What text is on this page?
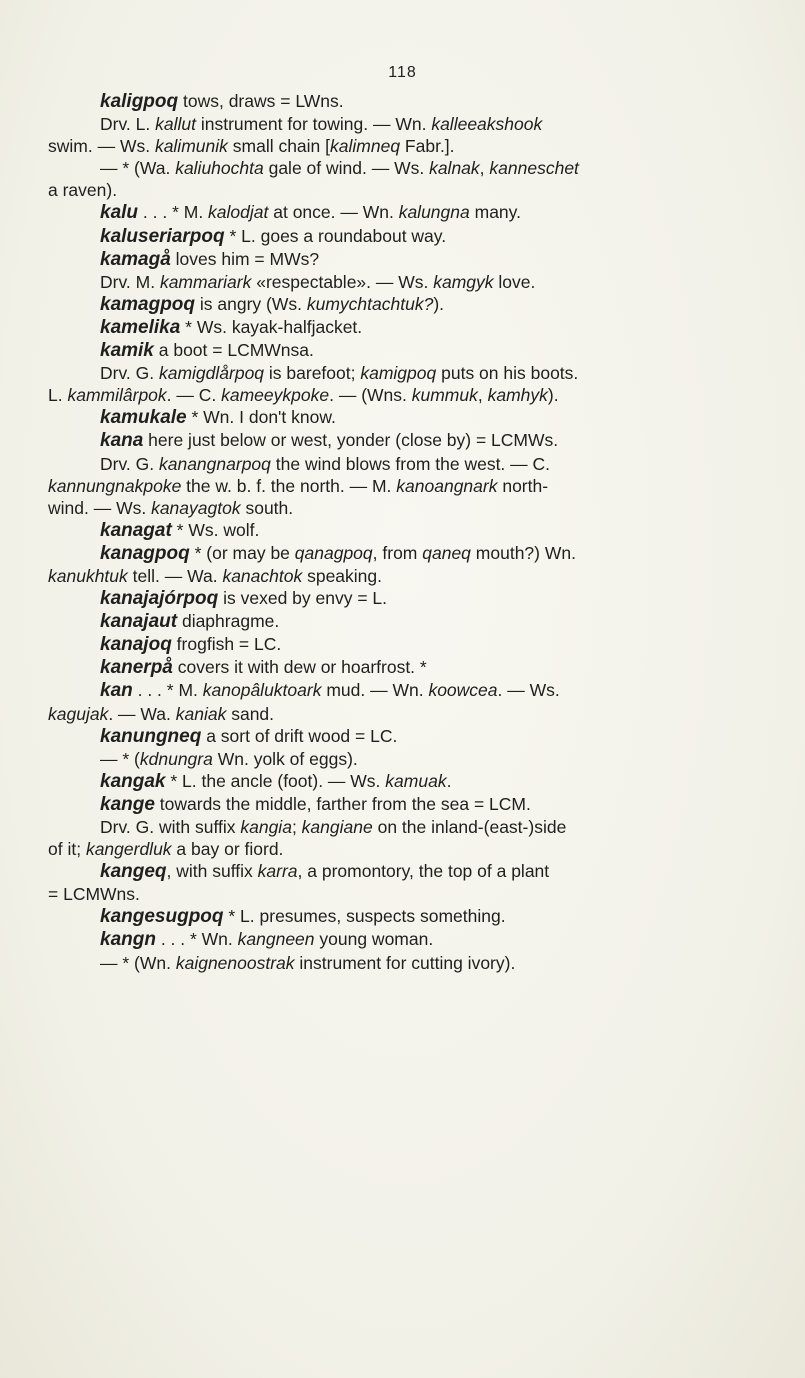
118

kaligpoq tows, draws = LWns.

Drv. L. kallut instrument for towing. — Wn. kalleeakshook

swim. — Ws. kalimunik small chain [kalimneq Fabr.].

— * (Wa. kaliuhochta gale of wind. — Ws. kalnak, kanneschet

a raven).

kalu . . . * M. kalodjat at once. — Wn. kalungna many.

kaluseriarpoq * L. goes a roundabout way.

kamagå loves him = MWs?

Drv. M. kammariark «respectable». — Ws. kamgyk love.

kamagpoq is angry (Ws. kumychtachtuk?).

kamelika * Ws. kayak-halfjacket.

kamik a boot = LCMWnsa.

Drv. G. kamigdlårpoq is barefoot; kamigpoq puts on his boots.

L. kammilârpok. — C. kameeykpoke. — (Wns. kummuk, kamhyk).

kamukale * Wn. I don't know.

kana here just below or west, yonder (close by) = LCMWs.

Drv. G. kanangnarpoq the wind blows from the west. — C.

kannungnakpoke the w. b. f. the north. — M. kanoangnark north-

wind. — Ws. kanayagtok south.

kanagat * Ws. wolf.

kanagpoq * (or may be qanagpoq, from qaneq mouth?) Wn.

kanukhtuk tell. — Wa. kanachtok speaking.

kanajajórpoq is vexed by envy = L.

kanajaut diaphragme.

kanajoq frogfish = LC.

kanerpå covers it with dew or hoarfrost. *

kan . . . * M. kanopâluktoark mud. — Wn. koowcea. — Ws.

kagujak. — Wa. kaniak sand.

kanungneq a sort of drift wood = LC.

— * (kdnungra Wn. yolk of eggs).

kangak * L. the ancle (foot). — Ws. kamuak.

kange towards the middle, farther from the sea = LCM.

Drv. G. with suffix kangia; kangiane on the inland-(east-)side

of it; kangerdluk a bay or fiord.

kangeq, with suffix karra, a promontory, the top of a plant

= LCMWns.

kangesugpoq * L. presumes, suspects something.

kangn . . . * Wn. kangneen young woman.

— * (Wn. kaignenoostrak instrument for cutting ivory).
